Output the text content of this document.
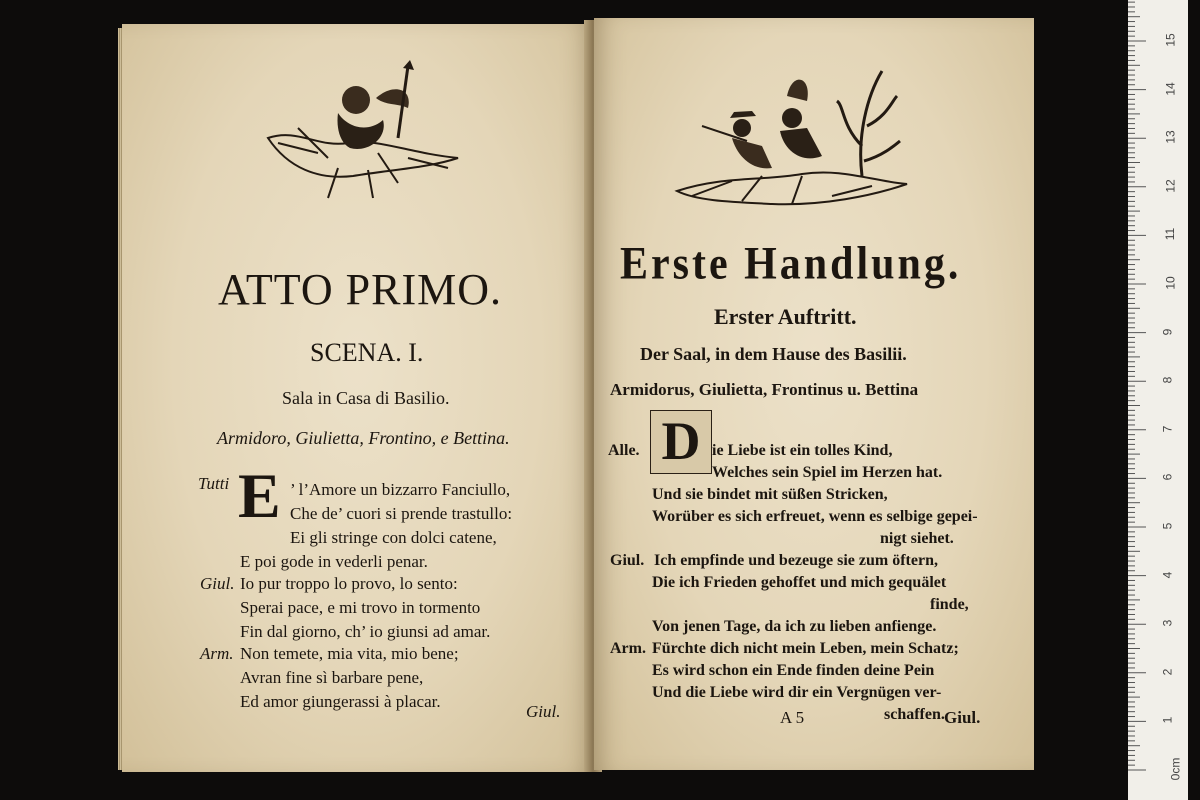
ATTO PRIMO.
SCENA. I.
Sala in Casa di Basilio.
Armidoro, Giulietta, Frontino, e Bettina.
Tutti E ’ l’Amore un bizzarro Fanciullo,
Che de’ cuori si prende trastullo:
Ei gli stringe con dolci catene,
E poi gode in vederli penar.
Giul. Io pur troppo lo provo, lo sento:
Sperai pace, e mi trovo in tormento
Fin dal giorno, ch’ io giunsi ad amar.
Arm. Non temete, mia vita, mio bene;
Avran fine sì barbare pene,
Ed amor giungerassi à placar.
Giul.
Erste Handlung.
Erster Auftritt.
Der Saal, in dem Hause des Basilii.
Armidorus, Giulietta, Frontinus u. Bettina
Alle. D ie Liebe ist ein tolles Kind,
Welches sein Spiel im Herzen hat.
Und sie bindet mit süßen Stricken,
Worüber es sich erfreuet, wenn es selbige gepei-
nigt siehet.
Giul. Ich empfinde und bezeuge sie zum öftern,
Die ich Frieden gehoffet und mich gequälet
finde,
Von jenen Tage, da ich zu lieben anfienge.
Arm. Fürchte dich nicht mein Leben, mein Schatz;
Es wird schon ein Ende finden deine Pein
Und die Liebe wird dir ein Vergnügen ver-
schaffen.
A 5	Giul.
0cm
1
2
3
4
5
6
7
8
9
10
11
12
13
14
15
